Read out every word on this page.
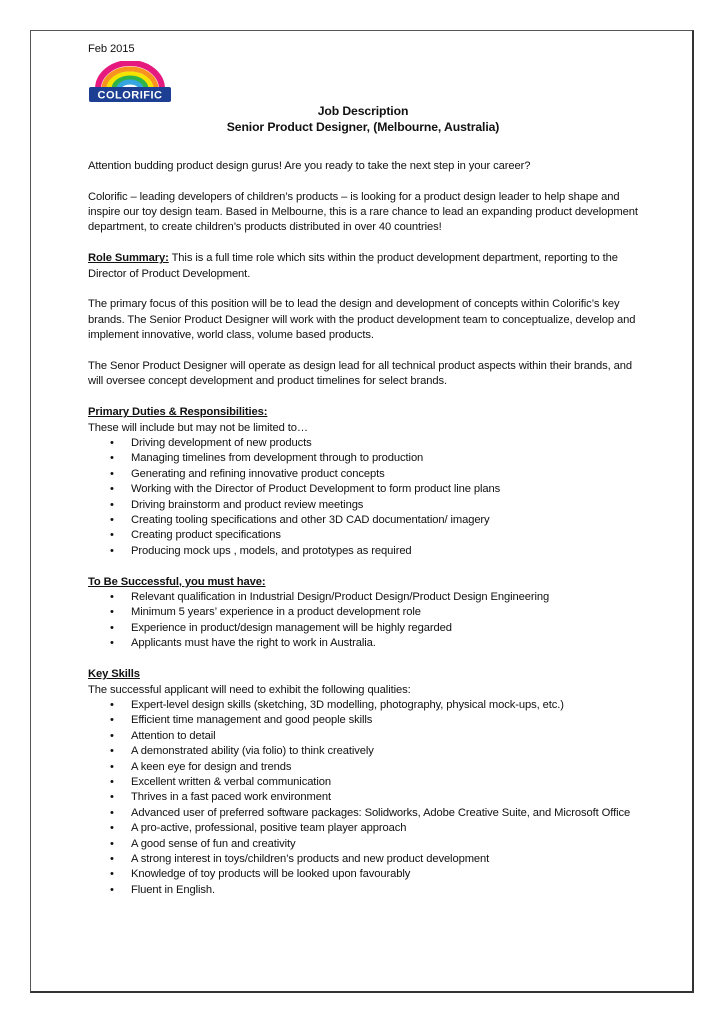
Feb 2015

COLORIFIC
Job Description
Senior Product Designer, (Melbourne, Australia)

Attention budding product design gurus! Are you ready to take the next step in your career?

Colorific – leading developers of children’s products – is looking for a product design leader to help shape and inspire our toy design team. Based in Melbourne, this is a rare chance to lead an expanding product development department, to create children’s products distributed in over 40 countries!

Role Summary: This is a full time role which sits within the product development department, reporting to the Director of Product Development.

The primary focus of this position will be to lead the design and development of concepts within Colorific’s key brands. The Senior Product Designer will work with the product development team to conceptualize, develop and implement innovative, world class, volume based products.

The Senor Product Designer will operate as design lead for all technical product aspects within their brands, and will oversee concept development and product timelines for select brands.

Primary Duties & Responsibilities:

These will include but may not be limited to…

• Driving development of new products
• Managing timelines from development through to production
• Generating and refining innovative product concepts
• Working with the Director of Product Development to form product line plans
• Driving brainstorm and product review meetings
• Creating tooling specifications and other 3D CAD documentation/ imagery
• Creating product specifications
• Producing mock ups , models, and prototypes as required

To Be Successful, you must have:

• Relevant qualification in Industrial Design/Product Design/Product Design Engineering
• Minimum 5 years’ experience in a product development role
• Experience in product/design management will be highly regarded
• Applicants must have the right to work in Australia.

Key Skills

The successful applicant will need to exhibit the following qualities:

• Expert-level design skills (sketching, 3D modelling, photography, physical mock-ups, etc.)
• Efficient time management and good people skills
• Attention to detail
• A demonstrated ability (via folio) to think creatively
• A keen eye for design and trends
• Excellent written & verbal communication
• Thrives in a fast paced work environment
• Advanced user of preferred software packages: Solidworks, Adobe Creative Suite, and Microsoft Office
• A pro-active, professional, positive team player approach
• A good sense of fun and creativity
• A strong interest in toys/children’s products and new product development
• Knowledge of toy products will be looked upon favourably
• Fluent in English.
